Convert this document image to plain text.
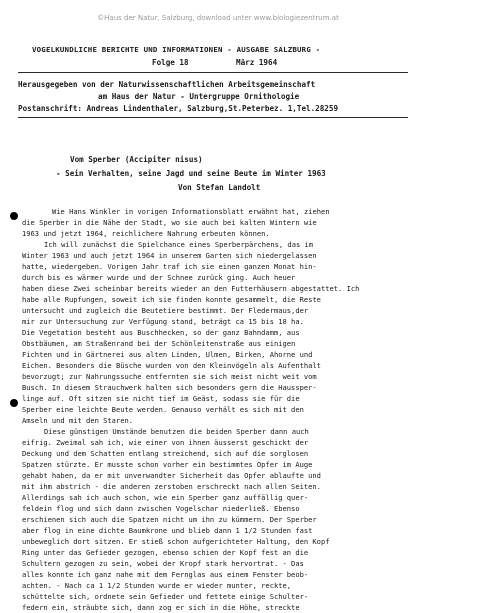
©Haus der Natur, Salzburg, download unter www.biologiezentrum.at
VOGELKUNDLICHE BERICHTE UND INFORMATIONEN - AUSGABE SALZBURG -
Folge 18	März 1964
Herausgegeben von der Naturwissenschaftlichen Arbeitsgemeinschaft
am Haus der Natur - Untergruppe Ornithologie
Postanschrift: Andreas Lindenthaler, Salzburg,St.Peterbez. 1,Tel.28259
Vom Sperber (Accipiter nisus)
- Sein Verhalten, seine Jagd und seine Beute im Winter 1963
Von Stefan Landolt
Wie Hans Winkler in vorigen Informationsblatt erwähnt hat, ziehen
die Sperber in die Nähe der Stadt, wo sie auch bei kalten Wintern wie
1963 und jetzt 1964, reichlichere Nahrung erbeuten können.
Ich will zunächst die Spielchance eines Sperberpärchens, das im
Winter 1963 und auch jetzt 1964 in unserem Garten sich niedergelassen
hatte, wiedergeben. Vorigen Jahr traf ich sie einen ganzen Monat hin-
durch bis es wärmer wurde und der Schnee zurück ging. Auch heuer
haben diese Zwei scheinbar bereits wieder an den Futterhäusern abgestattet. Ich
habe alle Rupfungen, soweit ich sie finden konnte gesammelt, die Reste
untersucht und zugleich die Beutetiere bestimmt. Der Fledermaus,der
mir zur Untersuchung zur Verfügung stand, beträgt ca 15 bis 18 ha.
Die Vegetation besteht aus Buschhecken, so der ganz Bahndamm, aus
Obstbäumen, am Straßenrand bei der Schönleitenstraße aus einigen
Fichten und in Gärtnerei aus alten Linden, Ulmen, Birken, Ahorne und
Eichen. Besonders die Büsche wurden von den Kleinvögeln als Aufenthalt
bevorzugt; zur Nahrungssuche entfernten sie sich meist nicht weit vom
Busch. In diesem Strauchwerk halten sich besonders gern die Haussper-
linge auf. Oft sitzen sie nicht tief im Geäst, sodass sie für die
Sperber eine leichte Beute werden. Genauso verhält es sich mit den
Amseln und mit den Staren.
Diese günstigen Umstände benutzen die beiden Sperber dann auch
eifrig. Zweimal sah ich, wie einer von ihnen äusserst geschickt der
Deckung und dem Schatten entlang streichend, sich auf die sorglosen
Spatzen stürzte. Er musste schon vorher ein bestimmtes Opfer im Auge
gehabt haben, da er mit unverwandter Sicherheit das Opfer ablaufte und
mit ihm abstrich - die anderen zerstoben erschreckt nach allen Seiten.
Allerdings sah ich auch schon, wie ein Sperber ganz auffällig quer-
feldein flog und sich dann zwischen Vogelschar niederließ. Ebenso
erschienen sich auch die Spatzen nicht um ihn zu kümmern. Der Sperber
aber flog in eine dichte Baumkrone und blieb dann 1 1/2 Stunden fast
unbeweglich dort sitzen. Er stieß schon aufgerichteter Haltung, den Kopf
Ring unter das Gefieder gezogen, ebenso schien der Kopf fest an die
Schultern gezogen zu sein, wobei der Kropf stark hervortrat. - Das
alles konnte ich ganz nahe mit dem Fernglas aus einem Fenster beob-
achten. - Nach ca 1 1/2 Stunden wurde er wieder munter, reckte,
schüttelte sich, ordnete sein Gefieder und fettete einige Schulter-
federn ein, sträubte sich, dann zog er sich in die Höhe, streckte
